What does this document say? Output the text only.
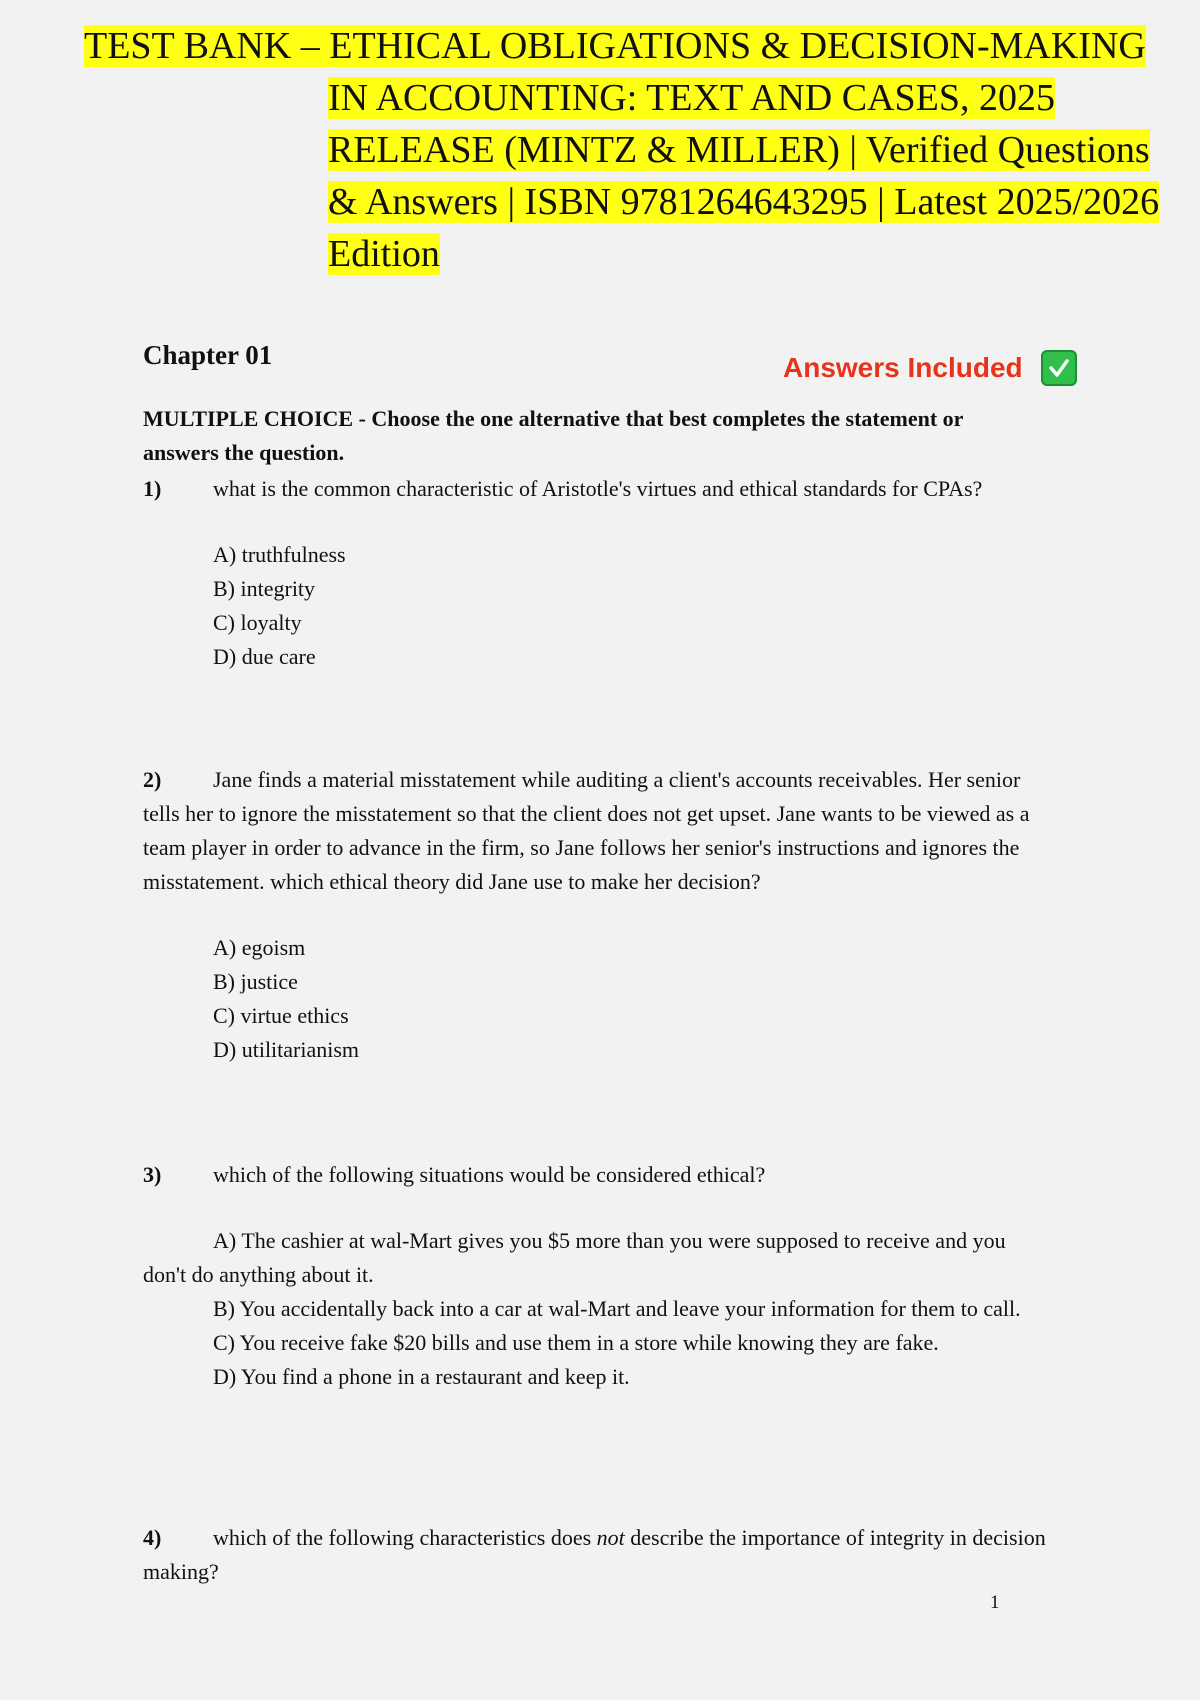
TEST BANK – ETHICAL OBLIGATIONS & DECISION-MAKING
IN ACCOUNTING: TEXT AND CASES, 2025
RELEASE (MINTZ & MILLER) | Verified Questions
& Answers | ISBN 9781264643295 | Latest 2025/2026
Edition
Chapter 01	Answers Included
MULTIPLE CHOICE - Choose the one alternative that best completes the statement or answers the question.
1) what is the common characteristic of Aristotle's virtues and ethical standards for CPAs?
A) truthfulness
B) integrity
C) loyalty
D) due care
2) Jane finds a material misstatement while auditing a client's accounts receivables. Her senior tells her to ignore the misstatement so that the client does not get upset. Jane wants to be viewed as a team player in order to advance in the firm, so Jane follows her senior's instructions and ignores the misstatement. which ethical theory did Jane use to make her decision?
A) egoism
B) justice
C) virtue ethics
D) utilitarianism
3) which of the following situations would be considered ethical?
A) The cashier at wal-Mart gives you $5 more than you were supposed to receive and you don't do anything about it.
B) You accidentally back into a car at wal-Mart and leave your information for them to call.
C) You receive fake $20 bills and use them in a store while knowing they are fake.
D) You find a phone in a restaurant and keep it.
4) which of the following characteristics does not describe the importance of integrity in decision making?
1
